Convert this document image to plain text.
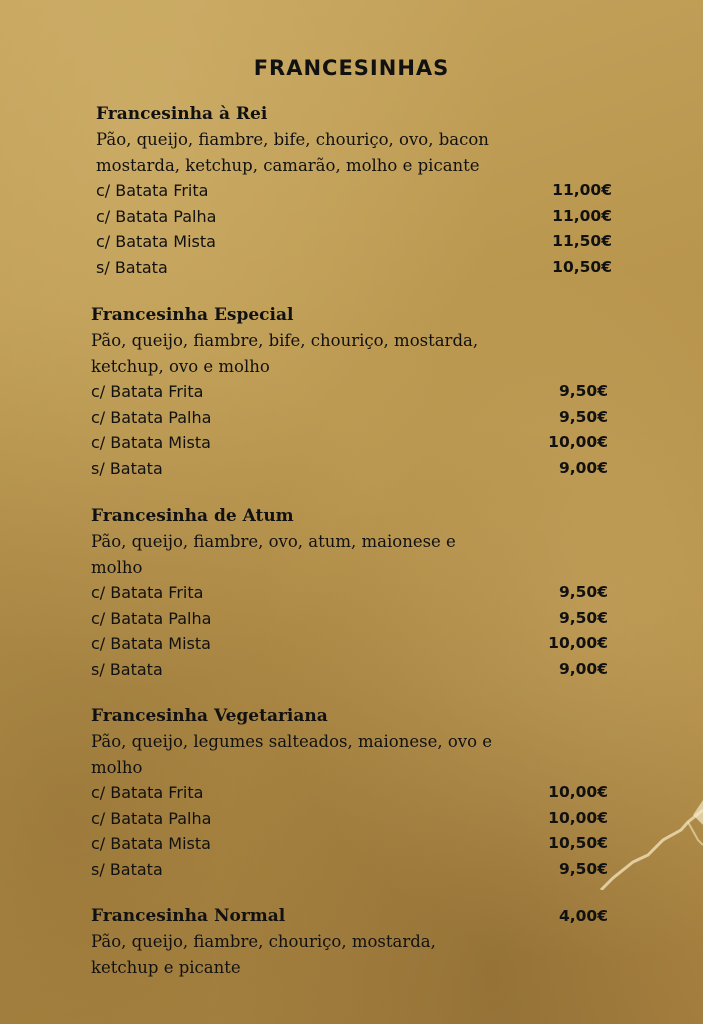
FRANCESINHAS
Francesinha à Rei
Pão, queijo, fiambre, bife, chouriço, ovo, bacon
mostarda, ketchup, camarão, molho e picante
c/ Batata Frita	11,00€
c/ Batata Palha	11,00€
c/ Batata Mista	11,50€
s/ Batata	10,50€
Francesinha Especial
Pão, queijo, fiambre, bife, chouriço, mostarda,
ketchup, ovo e molho
c/ Batata Frita	9,50€
c/ Batata Palha	9,50€
c/ Batata Mista	10,00€
s/ Batata	9,00€
Francesinha de Atum
Pão, queijo, fiambre, ovo, atum, maionese e
molho
c/ Batata Frita	9,50€
c/ Batata Palha	9,50€
c/ Batata Mista	10,00€
s/ Batata	9,00€
Francesinha Vegetariana
Pão, queijo, legumes salteados, maionese, ovo e
molho
c/ Batata Frita	10,00€
c/ Batata Palha	10,00€
c/ Batata Mista	10,50€
s/ Batata	9,50€
Francesinha Normal	4,00€
Pão, queijo, fiambre, chouriço, mostarda,
ketchup e picante
